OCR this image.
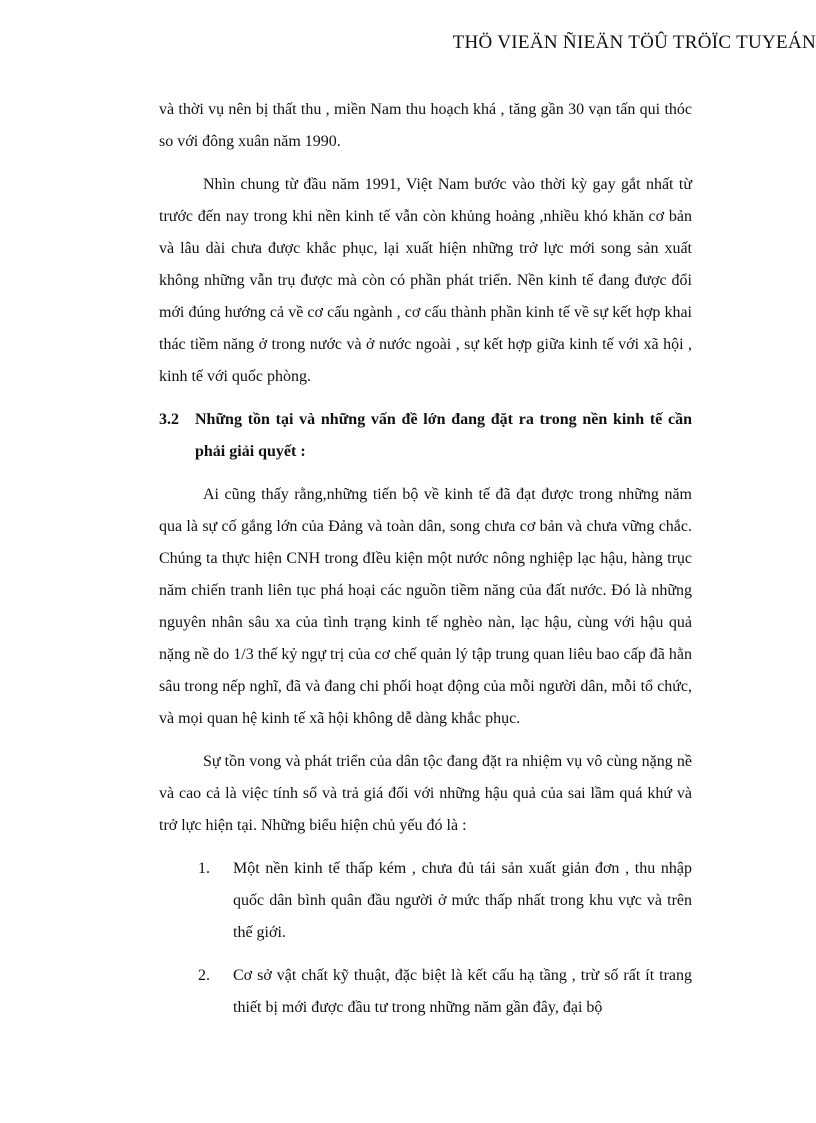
THÖ VIEÄN ÑIEÄN TÖÛ TRÖÏC TUYEÁN

và thời vụ nên bị thất thu , miền Nam thu hoạch khá , tăng gần 30 vạn tấn qui thóc so với đông xuân năm 1990.

Nhìn chung từ đầu năm 1991, Việt Nam bước vào thời kỳ gay gắt nhất từ trước đến nay trong khi nền kinh tế vẫn còn khủng hoảng ,nhiều khó khăn cơ bản và lâu dài chưa được khắc phục, lại xuất hiện những trở lực mới song sản xuất không những vẫn trụ được mà còn có phần phát triển. Nền kinh tế đang được đổi mới đúng hướng cả về cơ cấu ngành , cơ cấu thành phần kinh tế về sự kết hợp khai thác tiềm năng ở trong nước và ở nước ngoài , sự kết hợp giữa kinh tế với xã hội , kinh tế với quốc phòng.

3.2	Những tồn tại và những vấn đề lớn đang đặt ra trong nền kinh tế cần phải giải quyết :

Ai cũng thấy rằng,những tiến bộ về kinh tế đã đạt được trong những năm qua là sự cố gắng lớn của Đảng và toàn dân, song chưa cơ bản và chưa vững chắc. Chúng ta thực hiện CNH trong đIều kiện một nước nông nghiệp lạc hậu, hàng trục năm chiến tranh liên tục phá hoại các nguồn tiềm năng của đất nước. Đó là những nguyên nhân sâu xa của tình trạng kinh tế nghèo nàn, lạc hậu, cùng với hậu quả nặng nề do 1/3 thế kỷ ngự trị của cơ chế quản lý tập trung quan liêu bao cấp đã hằn sâu trong nếp nghĩ, đã và đang chi phối hoạt động của mỗi người dân, mỗi tổ chức, và mọi quan hệ kinh tế xã hội không dễ dàng khắc phục.

Sự tồn vong và phát triển của dân tộc đang đặt ra nhiệm vụ vô cùng nặng nề và cao cả là việc tính số và trả giá đối với những hậu quả của sai lầm quá khứ và trở lực hiện tại. Những biểu hiện chủ yếu đó là :

1.	Một nền kinh tế thấp kém , chưa đủ tái sản xuất giản đơn , thu nhập quốc dân bình quân đầu người ở mức thấp nhất trong khu vực và trên thế giới.
2.	Cơ sở vật chất kỹ thuật, đặc biệt là kết cấu hạ tầng , trừ số rất ít trang thiết bị mới được đầu tư trong những năm gần đây, đại bộ
